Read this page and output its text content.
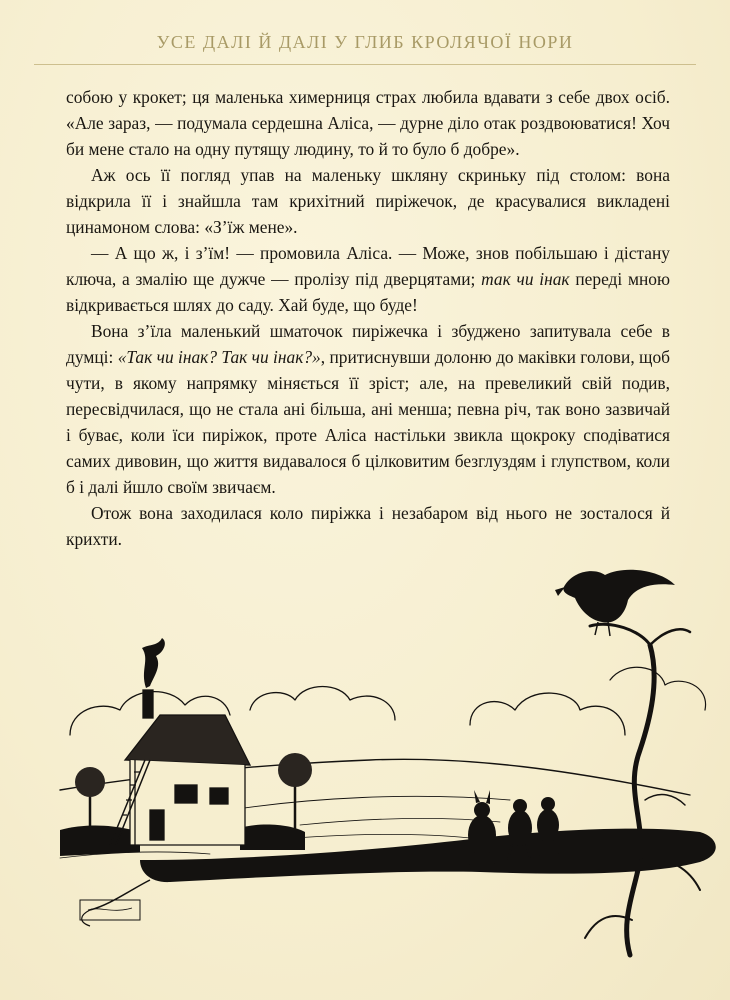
УСЕ ДАЛІ Й ДАЛІ У ГЛИБ КРОЛЯЧОЇ НОРИ

собою у крокет; ця маленька химерниця страх любила вдавати з себе двох осіб. «Але зараз, — подумала сердешна Аліса, — дурне діло отак роздвоюватися! Хоч би мене стало на одну путящу людину, то й то було б добре».

Аж ось її погляд упав на маленьку шкляну скриньку під столом: вона відкрила її і знайшла там крихітний пиріжечок, де красувалися викладені цинамоном слова: «З’їж мене».

— А що ж, і з’їм! — промовила Аліса. — Може, знов побільшаю і дістану ключа, а змалію ще дужче — пролізу під дверцятами; так чи інак переді мною відкривається шлях до саду. Хай буде, що буде!

Вона з’їла маленький шматочок пиріжечка і збуджено запитувала себе в думці: «Так чи інак? Так чи інак?», притиснувши долоню до маківки голови, щоб чути, в якому напрямку міняється її зріст; але, на превеликий свій подив, пересвідчилася, що не стала ані більша, ані менша; певна річ, так воно зазвичай і буває, коли їси пиріжок, проте Аліса настільки звикла щокроку сподіватися самих дивовин, що життя видавалося б цілковитим безглуздям і глупством, коли б і далі йшло своїм звичаєм.

Отож вона заходилася коло пиріжка і незабаром від нього не зосталося й крихти.
